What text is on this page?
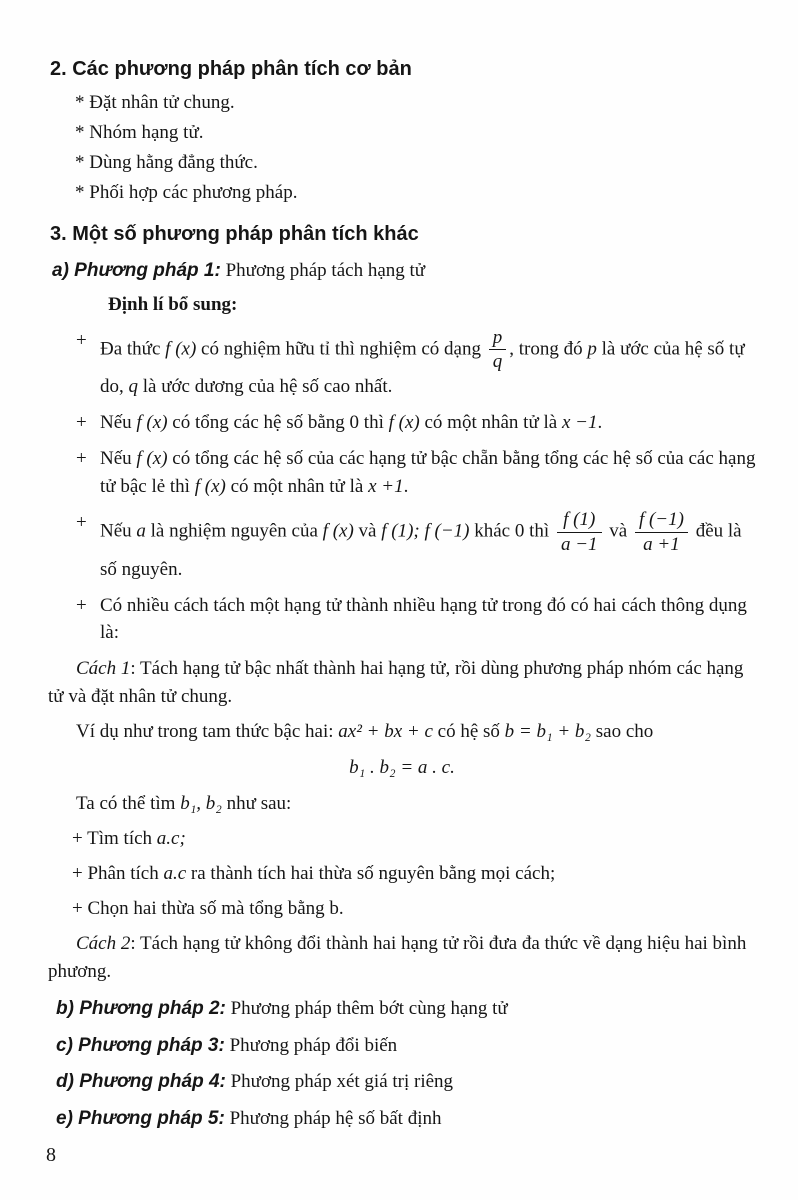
2. Các phương pháp phân tích cơ bản
* Đặt nhân tử chung.
* Nhóm hạng tử.
* Dùng hằng đẳng thức.
* Phối hợp các phương pháp.
3. Một số phương pháp phân tích khác
a) Phương pháp 1: Phương pháp tách hạng tử
Định lí bổ sung:
+ Đa thức f (x) có nghiệm hữu tỉ thì nghiệm có dạng $\frac{p}{q}$ , trong đó p là ước của hệ số tự do, q là ước dương của hệ số cao nhất.
+ Nếu f (x) có tổng các hệ số bằng 0 thì f (x) có một nhân tử là x −1.
+ Nếu f (x) có tổng các hệ số của các hạng tử bậc chẵn bằng tổng các hệ số của các hạng tử bậc lẻ thì f (x) có một nhân tử là x +1.
+ Nếu a là nghiệm nguyên của f (x) và f (1); f (−1) khác 0 thì $\frac{f (1)}{a -1}$ và $\frac{f (-1)}{a +1}$ đều là số nguyên.
+ Có nhiều cách tách một hạng tử thành nhiều hạng tử trong đó có hai cách thông dụng là:
Cách 1: Tách hạng tử bậc nhất thành hai hạng tử, rồi dùng phương pháp nhóm các hạng tử và đặt nhân tử chung.
Ví dụ như trong tam thức bậc hai: ax² + bx + c có hệ số b = b₁ + b₂ sao cho
b₁ . b₂ = a . c.
Ta có thể tìm b₁, b₂ như sau:
+ Tìm tích a.c;
+ Phân tích a.c ra thành tích hai thừa số nguyên bằng mọi cách;
+ Chọn hai thừa số mà tổng bằng b.
Cách 2: Tách hạng tử không đổi thành hai hạng tử rồi đưa đa thức về dạng hiệu hai bình phương.
b) Phương pháp 2: Phương pháp thêm bớt cùng hạng tử
c) Phương pháp 3: Phương pháp đổi biến
d) Phương pháp 4: Phương pháp xét giá trị riêng
e) Phương pháp 5: Phương pháp hệ số bất định
8
